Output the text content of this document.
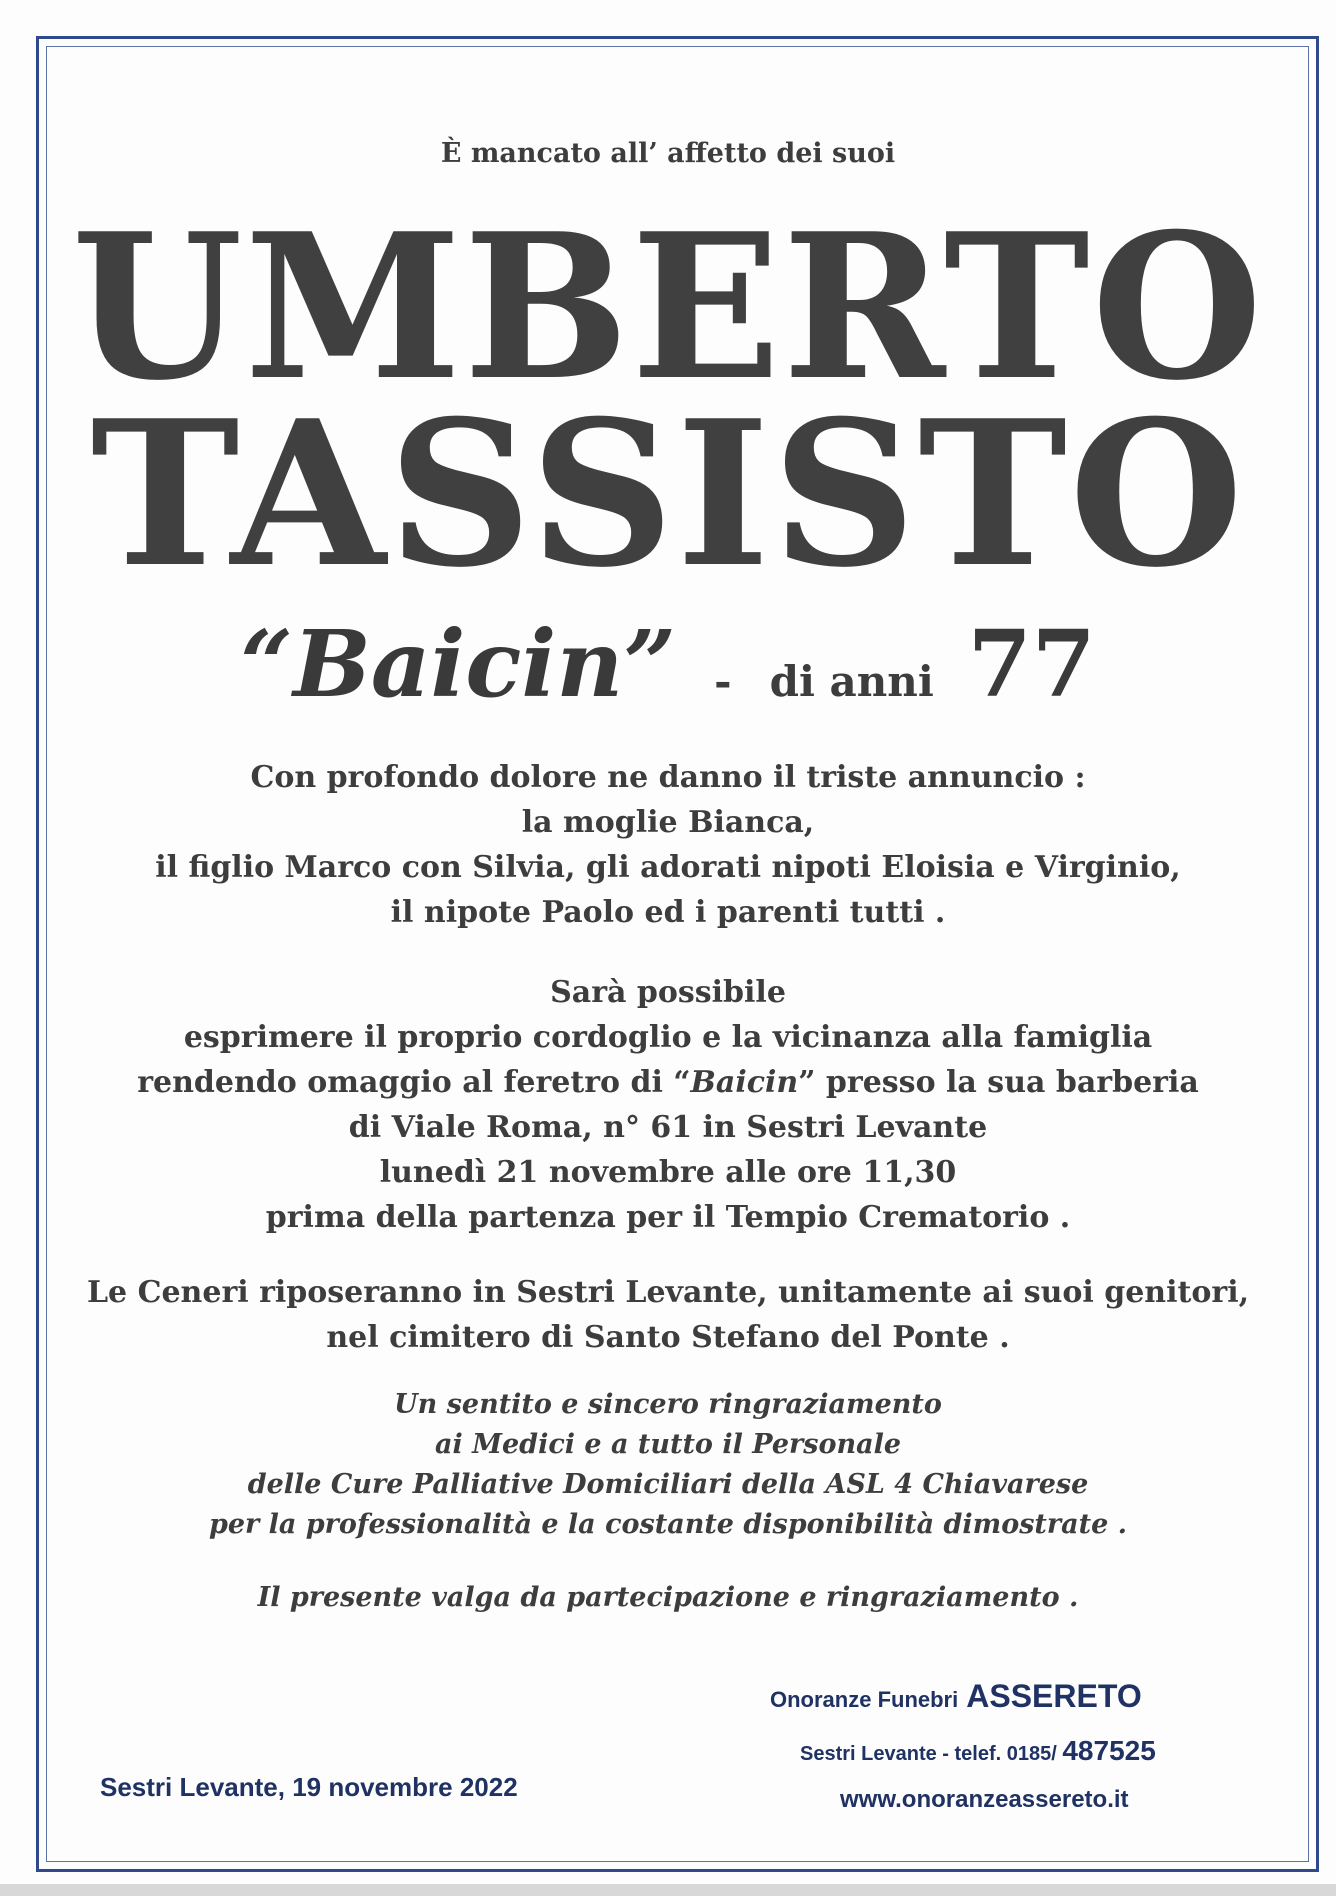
È mancato all’ affetto dei suoi
UMBERTO
TASSISTO
“Baicin” - di anni 77
Con profondo dolore ne danno il triste annuncio :
la moglie Bianca,
il figlio Marco con Silvia, gli adorati nipoti Eloisia e Virginio,
il nipote Paolo ed i parenti tutti .
Sarà possibile
esprimere il proprio cordoglio e la vicinanza alla famiglia
rendendo omaggio al feretro di “Baicin” presso la sua barberia
di Viale Roma, n° 61 in Sestri Levante
lunedì 21 novembre alle ore 11,30
prima della partenza per il Tempio Crematorio .
Le Ceneri riposeranno in Sestri Levante, unitamente ai suoi genitori,
nel cimitero di Santo Stefano del Ponte .
Un sentito e sincero ringraziamento
ai Medici e a tutto il Personale
delle Cure Palliative Domiciliari della ASL 4 Chiavarese
per la professionalità e la costante disponibilità dimostrate .
Il presente valga da partecipazione e ringraziamento .
Onoranze Funebri ASSERETO
Sestri Levante - telef. 0185/ 487525
www.onoranzeassereto.it
Sestri Levante, 19 novembre 2022
